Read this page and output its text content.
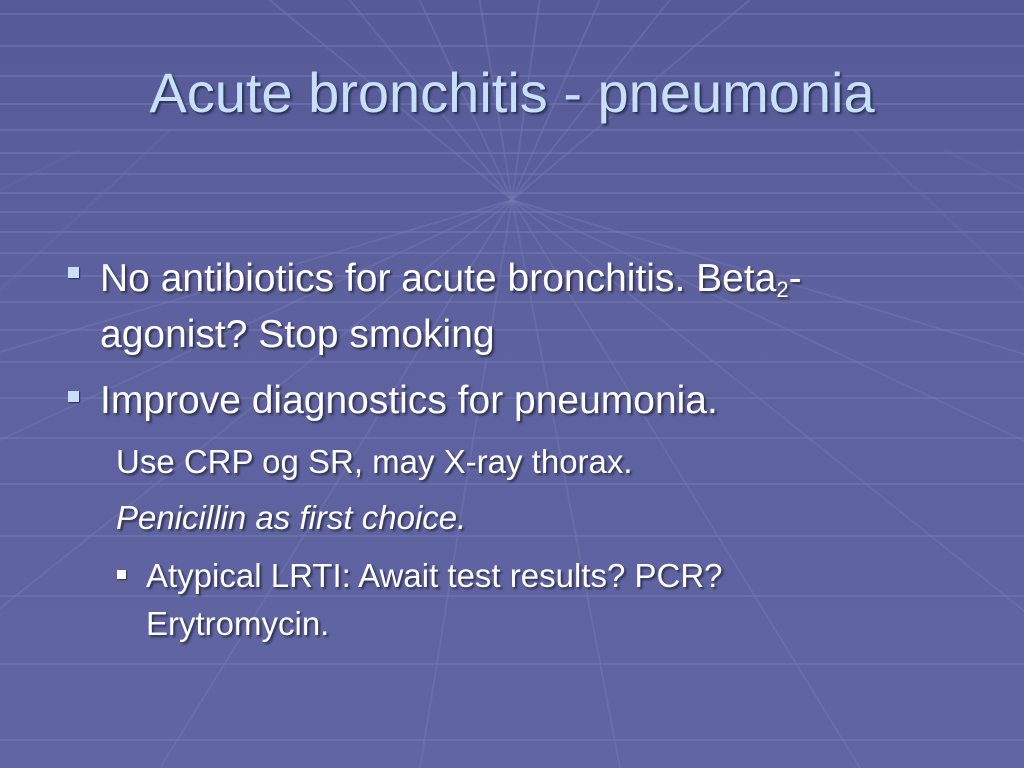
Acute bronchitis - pneumonia
No antibiotics for acute bronchitis. Beta$_2$-
agonist? Stop smoking
Improve diagnostics for pneumonia.
Use CRP og SR, may X-ray thorax.
Penicillin as first choice.
Atypical LRTI: Await test results? PCR?
Erytromycin.
